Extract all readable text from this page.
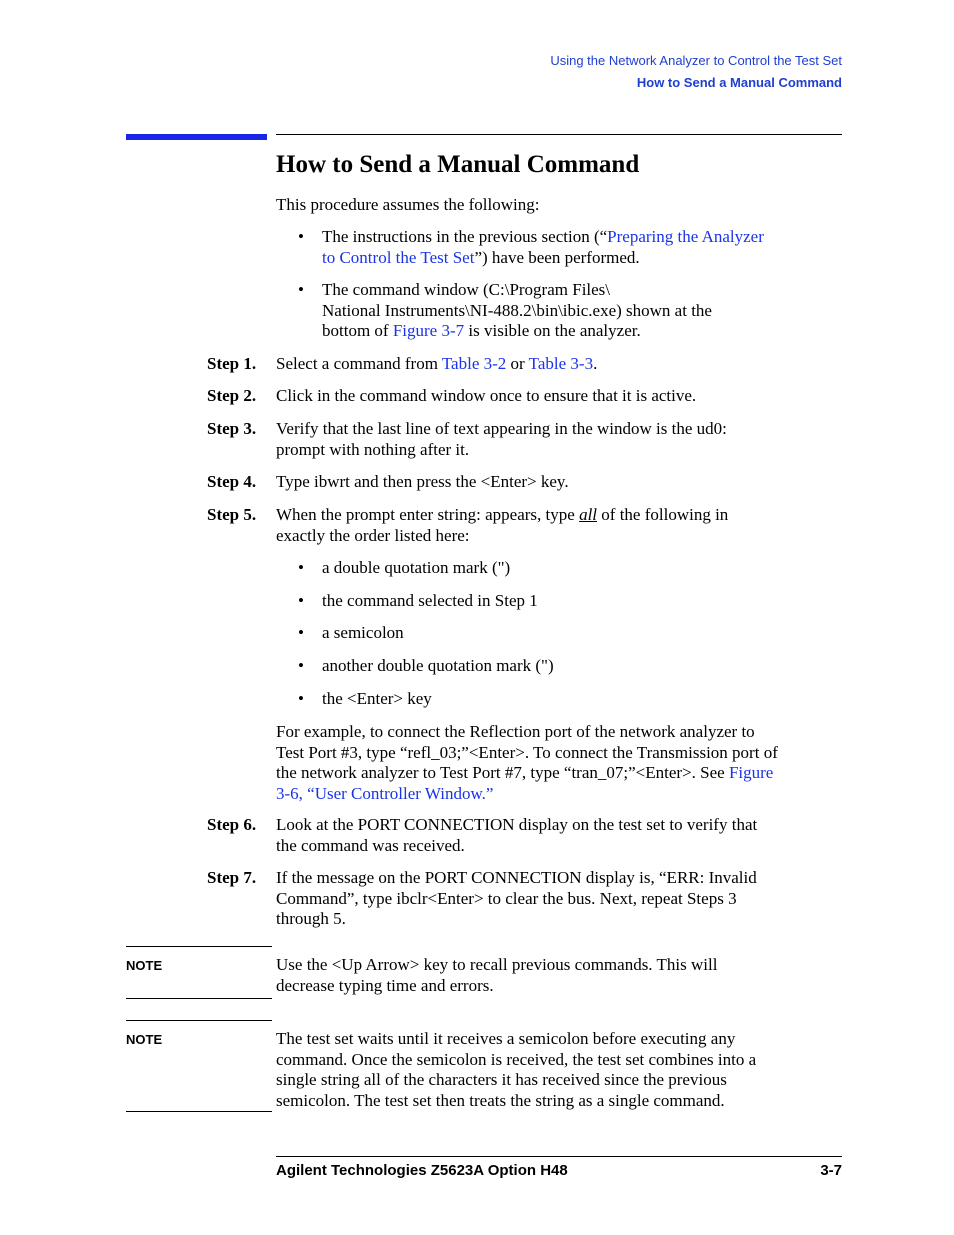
Using the Network Analyzer to Control the Test Set
How to Send a Manual Command
How to Send a Manual Command
This procedure assumes the following:
• The instructions in the previous section (“Preparing the Analyzer
to Control the Test Set”) have been performed.
• The command window (C:\Program Files\
National Instruments\NI-488.2\bin\ibic.exe) shown at the
bottom of Figure 3-7 is visible on the analyzer.
Step 1. Select a command from Table 3-2 or Table 3-3.
Step 2. Click in the command window once to ensure that it is active.
Step 3. Verify that the last line of text appearing in the window is the ud0:
prompt with nothing after it.
Step 4. Type ibwrt and then press the <Enter> key.
Step 5. When the prompt enter string: appears, type all of the following in
exactly the order listed here:
• a double quotation mark (")
• the command selected in Step 1
• a semicolon
• another double quotation mark (")
• the <Enter> key
For example, to connect the Reflection port of the network analyzer to
Test Port #3, type “refl_03;”<Enter>. To connect the Transmission port of
the network analyzer to Test Port #7, type “tran_07;”<Enter>. See Figure
3-6, “User Controller Window.”
Step 6. Look at the PORT CONNECTION display on the test set to verify that
the command was received.
Step 7. If the message on the PORT CONNECTION display is, “ERR: Invalid
Command”, type ibclr<Enter> to clear the bus. Next, repeat Steps 3
through 5.
NOTE	Use the <Up Arrow> key to recall previous commands. This will
decrease typing time and errors.
NOTE	The test set waits until it receives a semicolon before executing any
command. Once the semicolon is received, the test set combines into a
single string all of the characters it has received since the previous
semicolon. The test set then treats the string as a single command.
Agilent Technologies Z5623A Option H48	3-7
